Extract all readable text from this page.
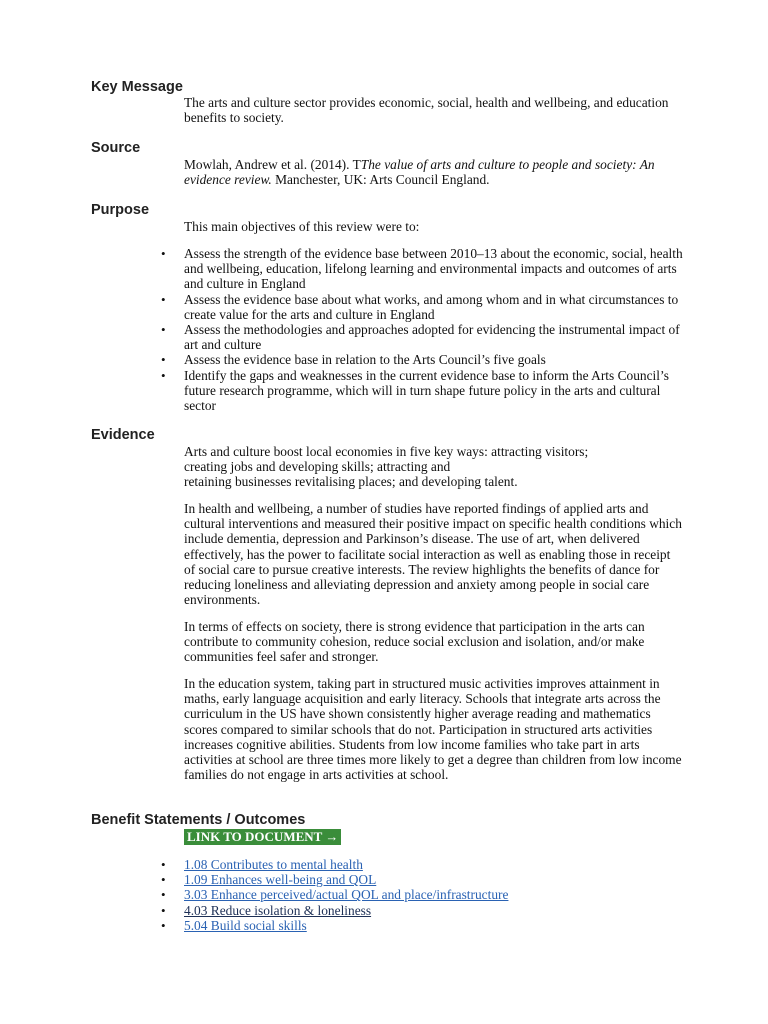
Key Message

The arts and culture sector provides economic, social, health and wellbeing, and education benefits to society.

Source

Mowlah, Andrew et al. (2014). TThe value of arts and culture to people and society: An evidence review. Manchester, UK: Arts Council England.

Purpose

This main objectives of this review were to:

• Assess the strength of the evidence base between 2010–13 about the economic, social, health and wellbeing, education, lifelong learning and environmental impacts and outcomes of arts and culture in England
• Assess the evidence base about what works, and among whom and in what circumstances to create value for the arts and culture in England
• Assess the methodologies and approaches adopted for evidencing the instrumental impact of art and culture
• Assess the evidence base in relation to the Arts Council’s five goals
• Identify the gaps and weaknesses in the current evidence base to inform the Arts Council’s future research programme, which will in turn shape future policy in the arts and cultural sector
Evidence

Arts and culture boost local economies in five key ways: attracting visitors;
creating jobs and developing skills; attracting and
retaining businesses revitalising places; and developing talent.

In health and wellbeing, a number of studies have reported findings of applied arts and cultural interventions and measured their positive impact on specific health conditions which include dementia, depression and Parkinson’s disease. The use of art, when delivered effectively, has the power to facilitate social interaction as well as enabling those in receipt of social care to pursue creative interests. The review highlights the benefits of dance for reducing loneliness and alleviating depression and anxiety among people in social care environments.

In terms of effects on society, there is strong evidence that participation in the arts can contribute to community cohesion, reduce social exclusion and isolation, and/or make communities feel safer and stronger.

In the education system, taking part in structured music activities improves attainment in maths, early language acquisition and early literacy. Schools that integrate arts across the curriculum in the US have shown consistently higher average reading and mathematics scores compared to similar schools that do not. Participation in structured arts activities increases cognitive abilities. Students from low income families who take part in arts activities at school are three times more likely to get a degree than children from low income families do not engage in arts activities at school.

Benefit Statements / Outcomes
LINK TO DOCUMENT →
• 1.08 Contributes to mental health
• 1.09 Enhances well-being and QOL
• 3.03 Enhance perceived/actual QOL and place/infrastructure
• 4.03 Reduce isolation & loneliness
• 5.04 Build social skills
